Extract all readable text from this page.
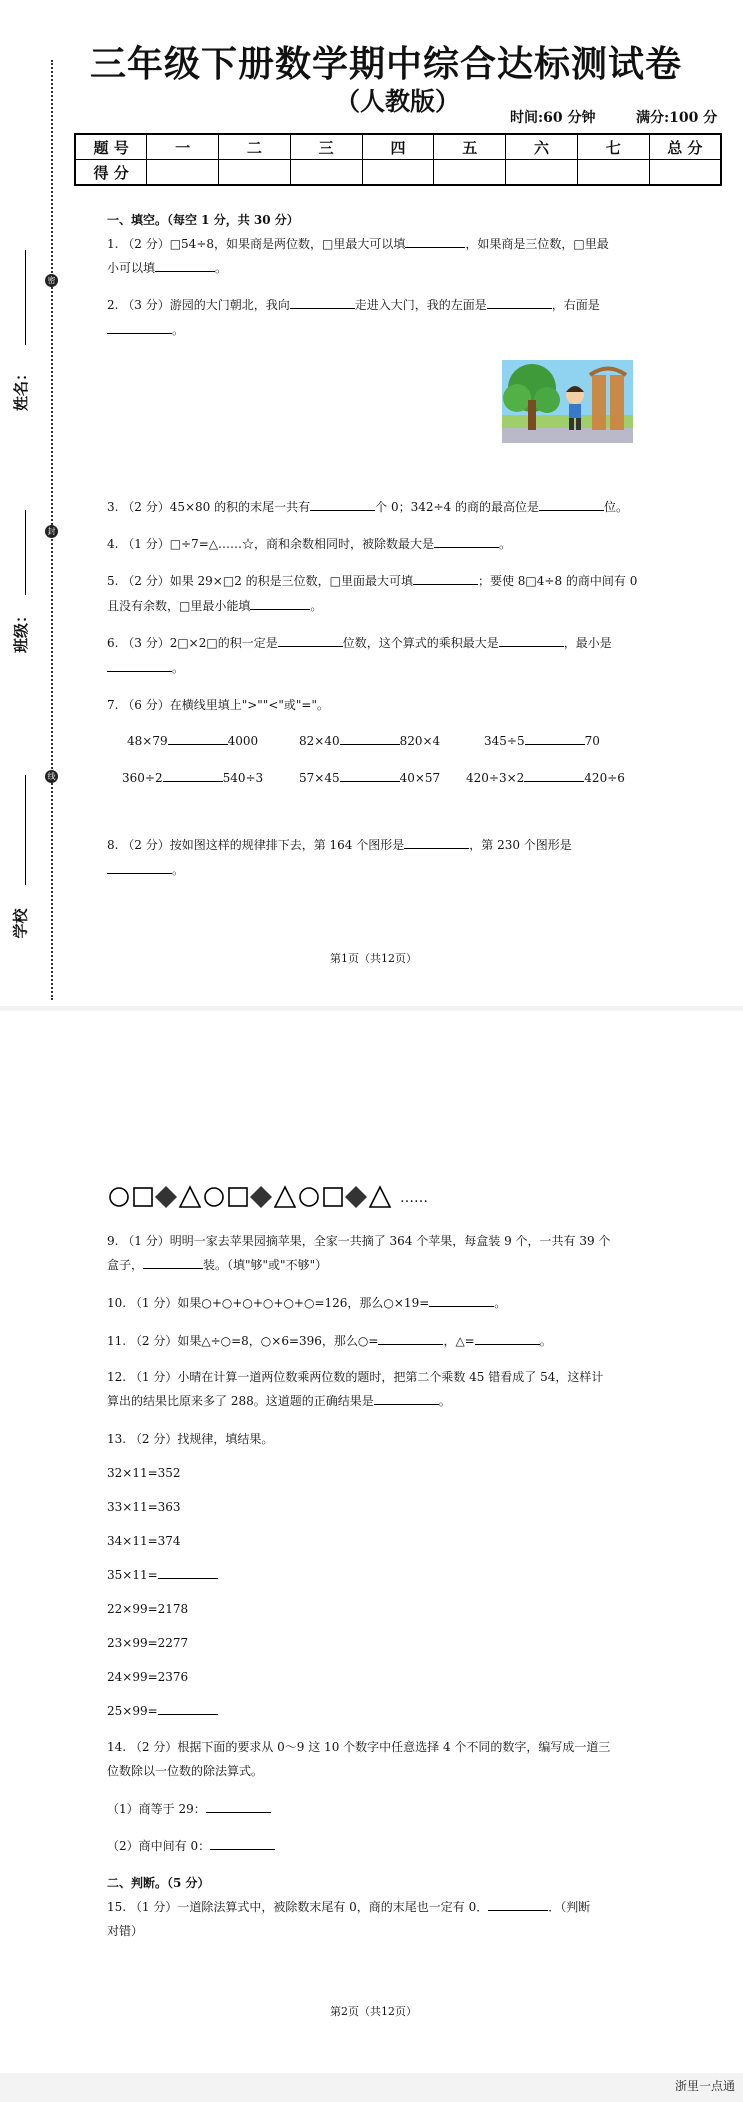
密
封
线
姓名：
班级：
学校
三年级下册数学期中综合达标测试卷
（人教版）
时间:60 分钟	满分:100 分
题 号	一	二	三	四	五	六	七	总 分
得 分								
一、填空。（每空 1 分，共 30 分）
1. （2 分）□54÷8，如果商是两位数，□里最大可以填	，如果商是三位数，□里最
小可以填	。
2. （3 分）游园的大门朝北，我向	走进入大门，我的左面是	，右面是
。
3. （2 分）45×80 的积的末尾一共有	个 0；342÷4 的商的最高位是	位。
4. （1 分）□÷7=△……☆，商和余数相同时，被除数最大是	。
5. （2 分）如果 29×□2 的积是三位数，□里面最大可填	；要使 8□4÷8 的商中间有 0
且没有余数，□里最小能填	。
6. （3 分）2□×2□的积一定是	位数，这个算式的乘积最大是	，最小是
。
7. （6 分）在横线里填上">""<"或"="。
48×79	4000	82×40	820×4	345÷5	70
360÷2	540÷3	57×45	40×57 420÷3×2	420÷6
8. （2 分）按如图这样的规律排下去，第 164 个图形是	，第 230 个图形是
。
第1页（共12页）
……
9. （1 分）明明一家去苹果园摘苹果，全家一共摘了 364 个苹果，每盒装 9 个，一共有 39 个
盒子，	装。（填"够"或"不够"）
10. （1 分）如果○+○+○+○+○+○=126，那么○×19=	。
11. （2 分）如果△÷○=8，○×6=396，那么○=	，△=	。
12. （1 分）小晴在计算一道两位数乘两位数的题时，把第二个乘数 45 错看成了 54，这样计
算出的结果比原来多了 288。这道题的正确结果是	。
13. （2 分）找规律，填结果。
32×11=352
33×11=363
34×11=374
35×11=
22×99=2178
23×99=2277
24×99=2376
25×99=
14. （2 分）根据下面的要求从 0～9 这 10 个数字中任意选择 4 个不同的数字，编写成一道三
位数除以一位数的除法算式。
（1）商等于 29：
（2）商中间有 0：
二、判断。（5 分）
15. （1 分）一道除法算式中，被除数末尾有 0，商的末尾也一定有 0．	．（判断
对错）
第2页（共12页）
浙里一点通
